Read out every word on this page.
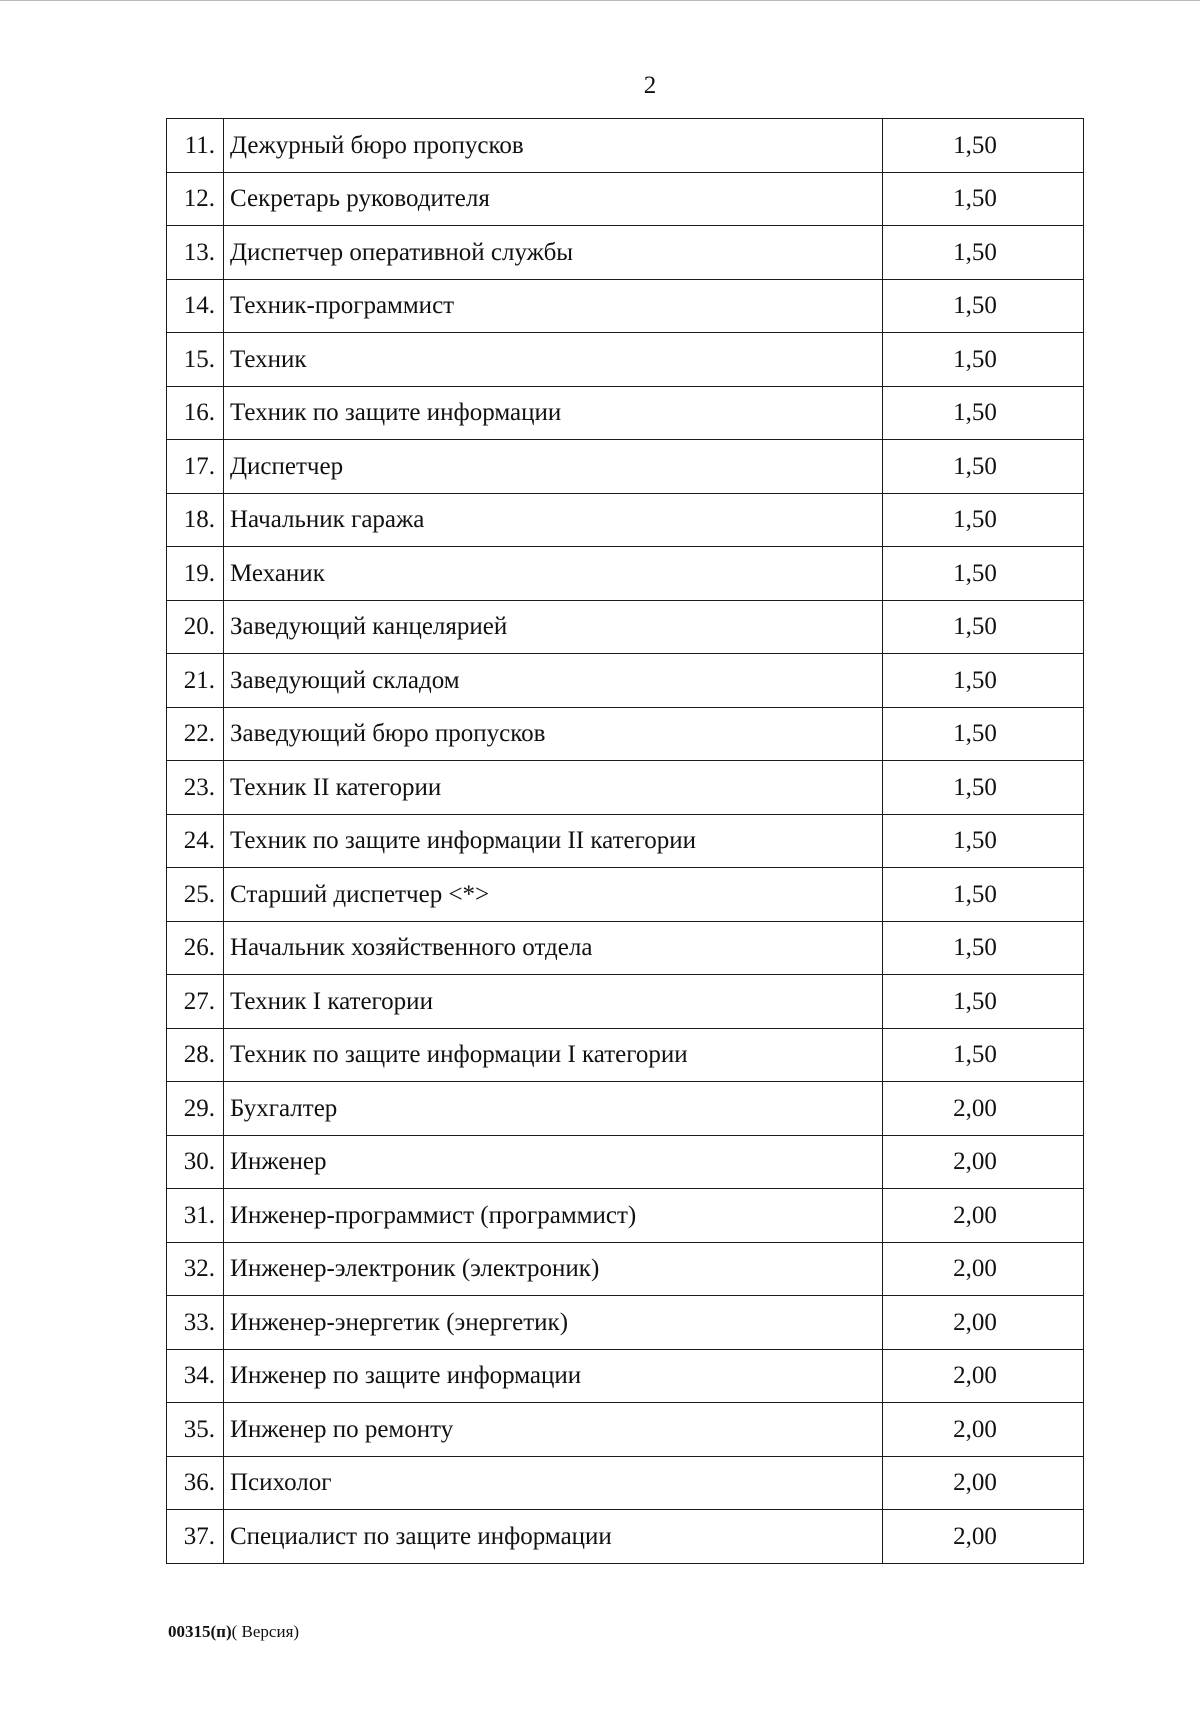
2
11.	Дежурный бюро пропусков	1,50
12.	Секретарь руководителя	1,50
13.	Диспетчер оперативной службы	1,50
14.	Техник-программист	1,50
15.	Техник	1,50
16.	Техник по защите информации	1,50
17.	Диспетчер	1,50
18.	Начальник гаража	1,50
19.	Механик	1,50
20.	Заведующий канцелярией	1,50
21.	Заведующий складом	1,50
22.	Заведующий бюро пропусков	1,50
23.	Техник II категории	1,50
24.	Техник по защите информации II категории	1,50
25.	Старший диспетчер <*>	1,50
26.	Начальник хозяйственного отдела	1,50
27.	Техник I категории	1,50
28.	Техник по защите информации I категории	1,50
29.	Бухгалтер	2,00
30.	Инженер	2,00
31.	Инженер-программист (программист)	2,00
32.	Инженер-электроник (электроник)	2,00
33.	Инженер-энергетик (энергетик)	2,00
34.	Инженер по защите информации	2,00
35.	Инженер по ремонту	2,00
36.	Психолог	2,00
37.	Специалист по защите информации	2,00
00315(п)( Версия)
